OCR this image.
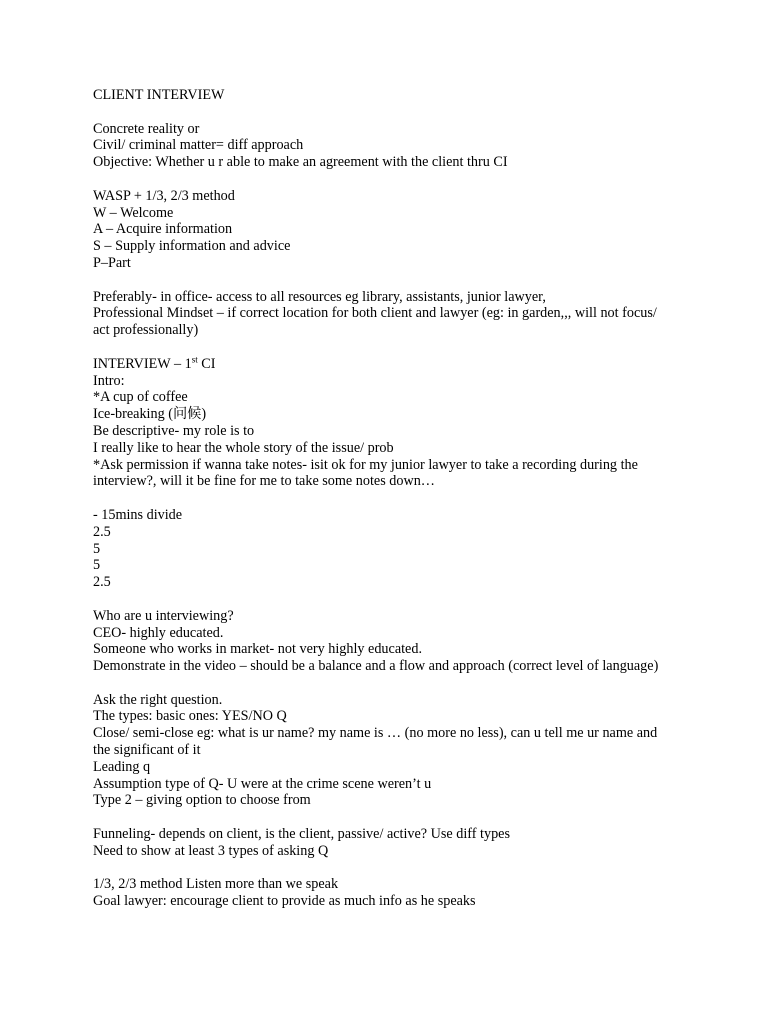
CLIENT INTERVIEW
Concrete reality or
Civil/ criminal matter= diff approach
Objective: Whether u r able to make an agreement with the client thru CI
WASP + 1/3, 2/3 method
W – Welcome
A – Acquire information
S – Supply information and advice
P–Part
Preferably- in office- access to all resources eg library, assistants, junior lawyer,
Professional Mindset – if correct location for both client and lawyer (eg: in garden,,, will not focus/ act professionally)
INTERVIEW – 1st CI
Intro:
*A cup of coffee
Ice-breaking (问候)
Be descriptive- my role is to
I really like to hear the whole story of the issue/ prob
*Ask permission if wanna take notes- isit ok for my junior lawyer to take a recording during the interview?, will it be fine for me to take some notes down…
- 15mins divide
2.5
5
5
2.5
Who are u interviewing?
CEO- highly educated.
Someone who works in market- not very highly educated.
Demonstrate in the video – should be a balance and a flow and approach (correct level of language)
Ask the right question.
The types: basic ones: YES/NO Q
Close/ semi-close eg: what is ur name? my name is … (no more no less), can u tell me ur name and the significant of it
Leading q
Assumption type of Q- U were at the crime scene weren’t u
Type 2 – giving option to choose from
Funneling- depends on client, is the client, passive/ active? Use diff types
Need to show at least 3 types of asking Q
1/3, 2/3 method Listen more than we speak
Goal lawyer: encourage client to provide as much info as he speaks
